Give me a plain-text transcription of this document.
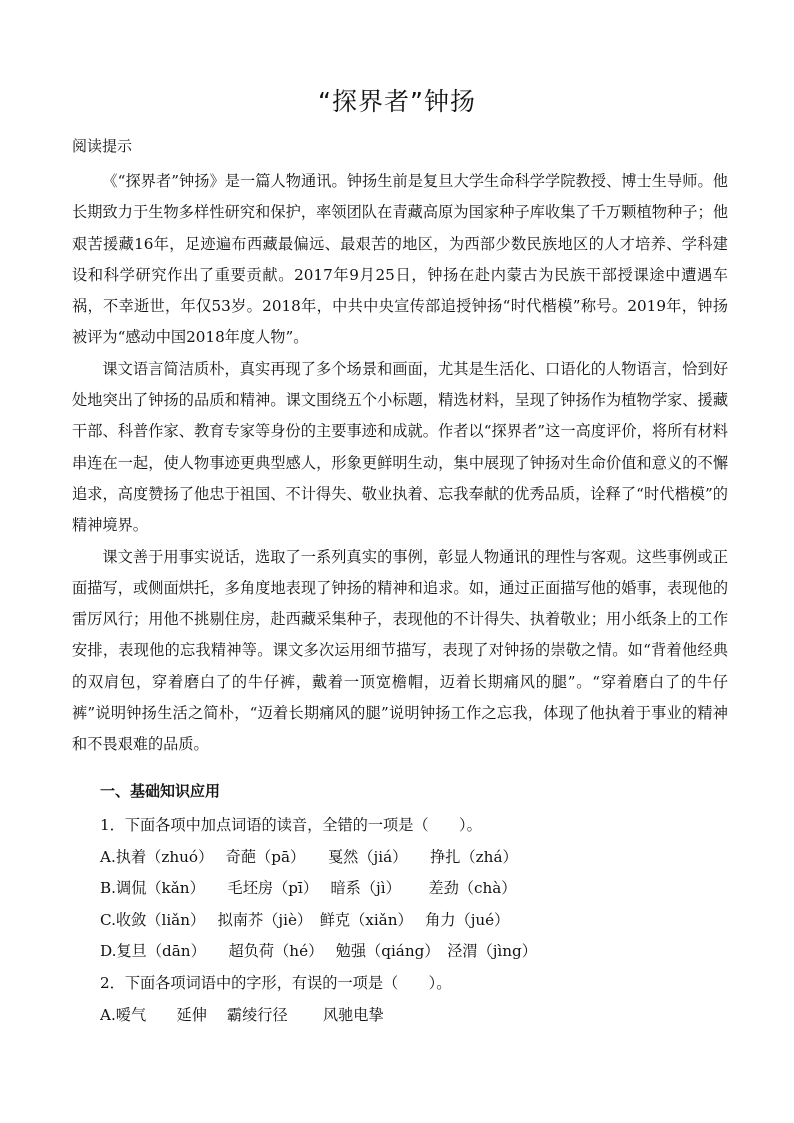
“探界者”钟扬
阅读提示

《“探界者”钟扬》是一篇人物通讯。钟扬生前是复旦大学生命科学学院教授、博士生导师。他长期致力于生物多样性研究和保护，率领团队在青藏高原为国家种子库收集了千万颗植物种子；他艰苦援藏16年，足迹遍布西藏最偏远、最艰苦的地区，为西部少数民族地区的人才培养、学科建设和科学研究作出了重要贡献。2017年9月25日，钟扬在赴内蒙古为民族干部授课途中遭遇车祸，不幸逝世，年仅53岁。2018年，中共中央宣传部追授钟扬“时代楷模”称号。2019年，钟扬被评为“感动中国2018年度人物”。

课文语言简洁质朴，真实再现了多个场景和画面，尤其是生活化、口语化的人物语言，恰到好处地突出了钟扬的品质和精神。课文围绕五个小标题，精选材料，呈现了钟扬作为植物学家、援藏干部、科普作家、教育专家等身份的主要事迹和成就。作者以“探界者”这一高度评价，将所有材料串连在一起，使人物事迹更典型感人，形象更鲜明生动，集中展现了钟扬对生命价值和意义的不懈追求，高度赞扬了他忠于祖国、不计得失、敬业执着、忘我奉献的优秀品质，诠释了“时代楷模”的精神境界。

课文善于用事实说话，选取了一系列真实的事例，彰显人物通讯的理性与客观。这些事例或正面描写，或侧面烘托，多角度地表现了钟扬的精神和追求。如，通过正面描写他的婚事，表现他的雷厉风行；用他不挑剔住房，赴西藏采集种子，表现他的不计得失、执着敬业；用小纸条上的工作安排，表现他的忘我精神等。课文多次运用细节描写，表现了对钟扬的崇敬之情。如“背着他经典的双肩包，穿着磨白了的牛仔裤，戴着一顶宽檐帽，迈着长期痛风的腿”。“穿着磨白了的牛仔裤”说明钟扬生活之简朴，“迈着长期痛风的腿”说明钟扬工作之忘我，体现了他执着于事业的精神和不畏艰难的品质。

一、基础知识应用
1．下面各项中加点词语的读音，全错的一项是（　　）。
A.执着（zhuó）　 奇葩（pā）　　戛然（jiá）　　挣扎（zhá）
B.调侃（kǎn）　　毛坯房（pī）　 暗系（jì）　　 差劲（chà）
C.收敛（liǎn）　 拟南芥（jiè）　鲜克（xiǎn）　 角力（jué）
D.复旦（dān）　　超负荷（hé）　 勉强（qiáng）　泾渭（jìng）
2．下面各项词语中的字形，有误的一项是（　　）。
A.嗳气　　延伸　 霸绫行径　　 风驰电挚
